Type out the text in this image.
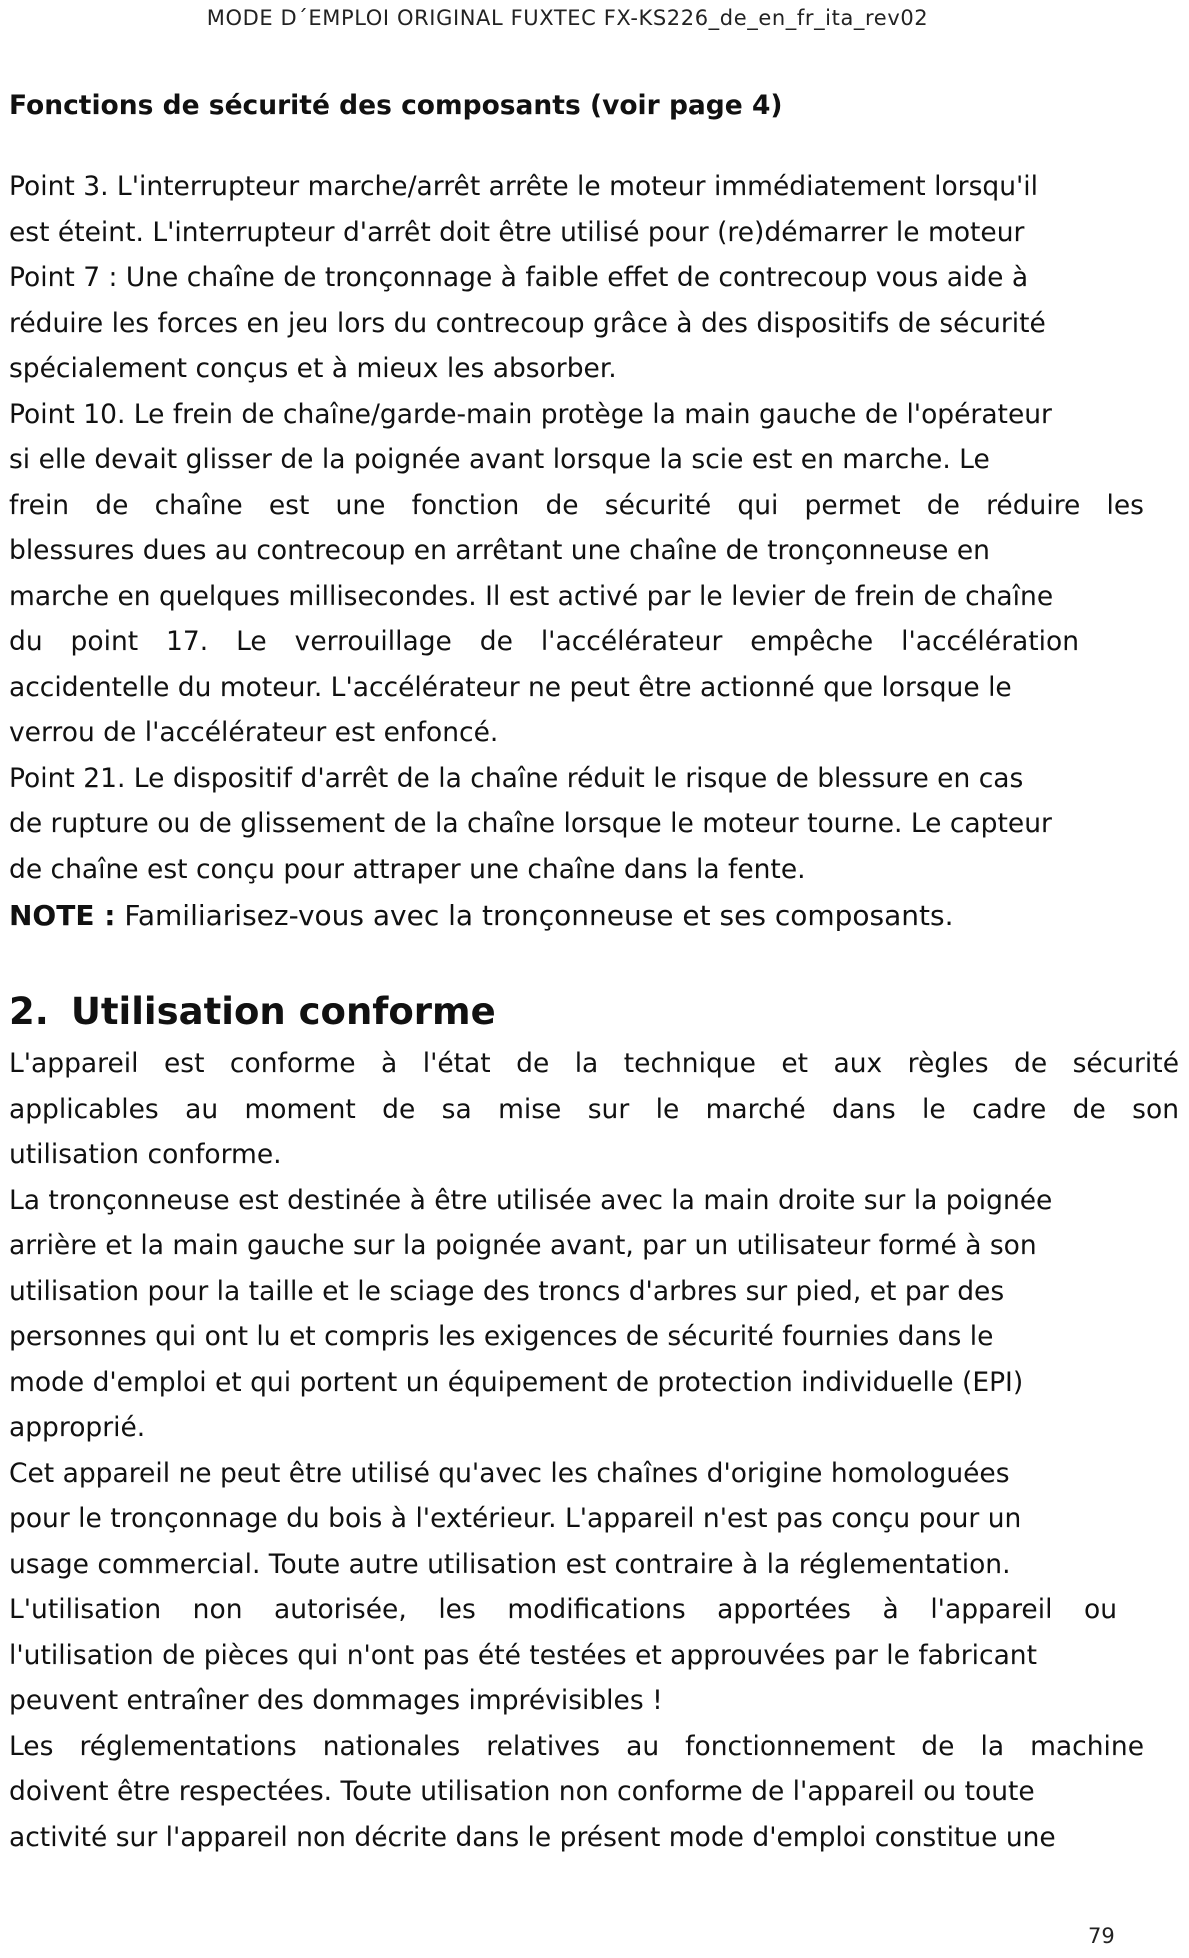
MODE D´EMPLOI ORIGINAL FUXTEC FX-KS226_de_en_fr_ita_rev02
Fonctions de sécurité des composants (voir page 4)

Point 3. L'interrupteur marche/arrêt arrête le moteur immédiatement lorsqu'il
est éteint. L'interrupteur d'arrêt doit être utilisé pour (re)démarrer le moteur
Point 7 : Une chaîne de tronçonnage à faible effet de contrecoup vous aide à
réduire les forces en jeu lors du contrecoup grâce à des dispositifs de sécurité
spécialement conçus et à mieux les absorber.
Point 10. Le frein de chaîne/garde-main protège la main gauche de l'opérateur
si elle devait glisser de la poignée avant lorsque la scie est en marche. Le
frein de chaîne est une fonction de sécurité qui permet de réduire les
blessures dues au contrecoup en arrêtant une chaîne de tronçonneuse en
marche en quelques millisecondes. Il est activé par le levier de frein de chaîne
du point 17. Le verrouillage de l'accélérateur empêche l'accélération
accidentelle du moteur. L'accélérateur ne peut être actionné que lorsque le
verrou de l'accélérateur est enfoncé.
Point 21. Le dispositif d'arrêt de la chaîne réduit le risque de blessure en cas
de rupture ou de glissement de la chaîne lorsque le moteur tourne. Le capteur
de chaîne est conçu pour attraper une chaîne dans la fente.

NOTE : Familiarisez-vous avec la tronçonneuse et ses composants.

2. Utilisation conforme

L'appareil est conforme à l'état de la technique et aux règles de sécurité
applicables au moment de sa mise sur le marché dans le cadre de son
utilisation conforme.
La tronçonneuse est destinée à être utilisée avec la main droite sur la poignée
arrière et la main gauche sur la poignée avant, par un utilisateur formé à son
utilisation pour la taille et le sciage des troncs d'arbres sur pied, et par des
personnes qui ont lu et compris les exigences de sécurité fournies dans le
mode d'emploi et qui portent un équipement de protection individuelle (EPI)
approprié.
Cet appareil ne peut être utilisé qu'avec les chaînes d'origine homologuées
pour le tronçonnage du bois à l'extérieur. L'appareil n'est pas conçu pour un
usage commercial. Toute autre utilisation est contraire à la réglementation.
L'utilisation non autorisée, les modifications apportées à l'appareil ou
l'utilisation de pièces qui n'ont pas été testées et approuvées par le fabricant
peuvent entraîner des dommages imprévisibles !
Les réglementations nationales relatives au fonctionnement de la machine
doivent être respectées. Toute utilisation non conforme de l'appareil ou toute
activité sur l'appareil non décrite dans le présent mode d'emploi constitue une

79
